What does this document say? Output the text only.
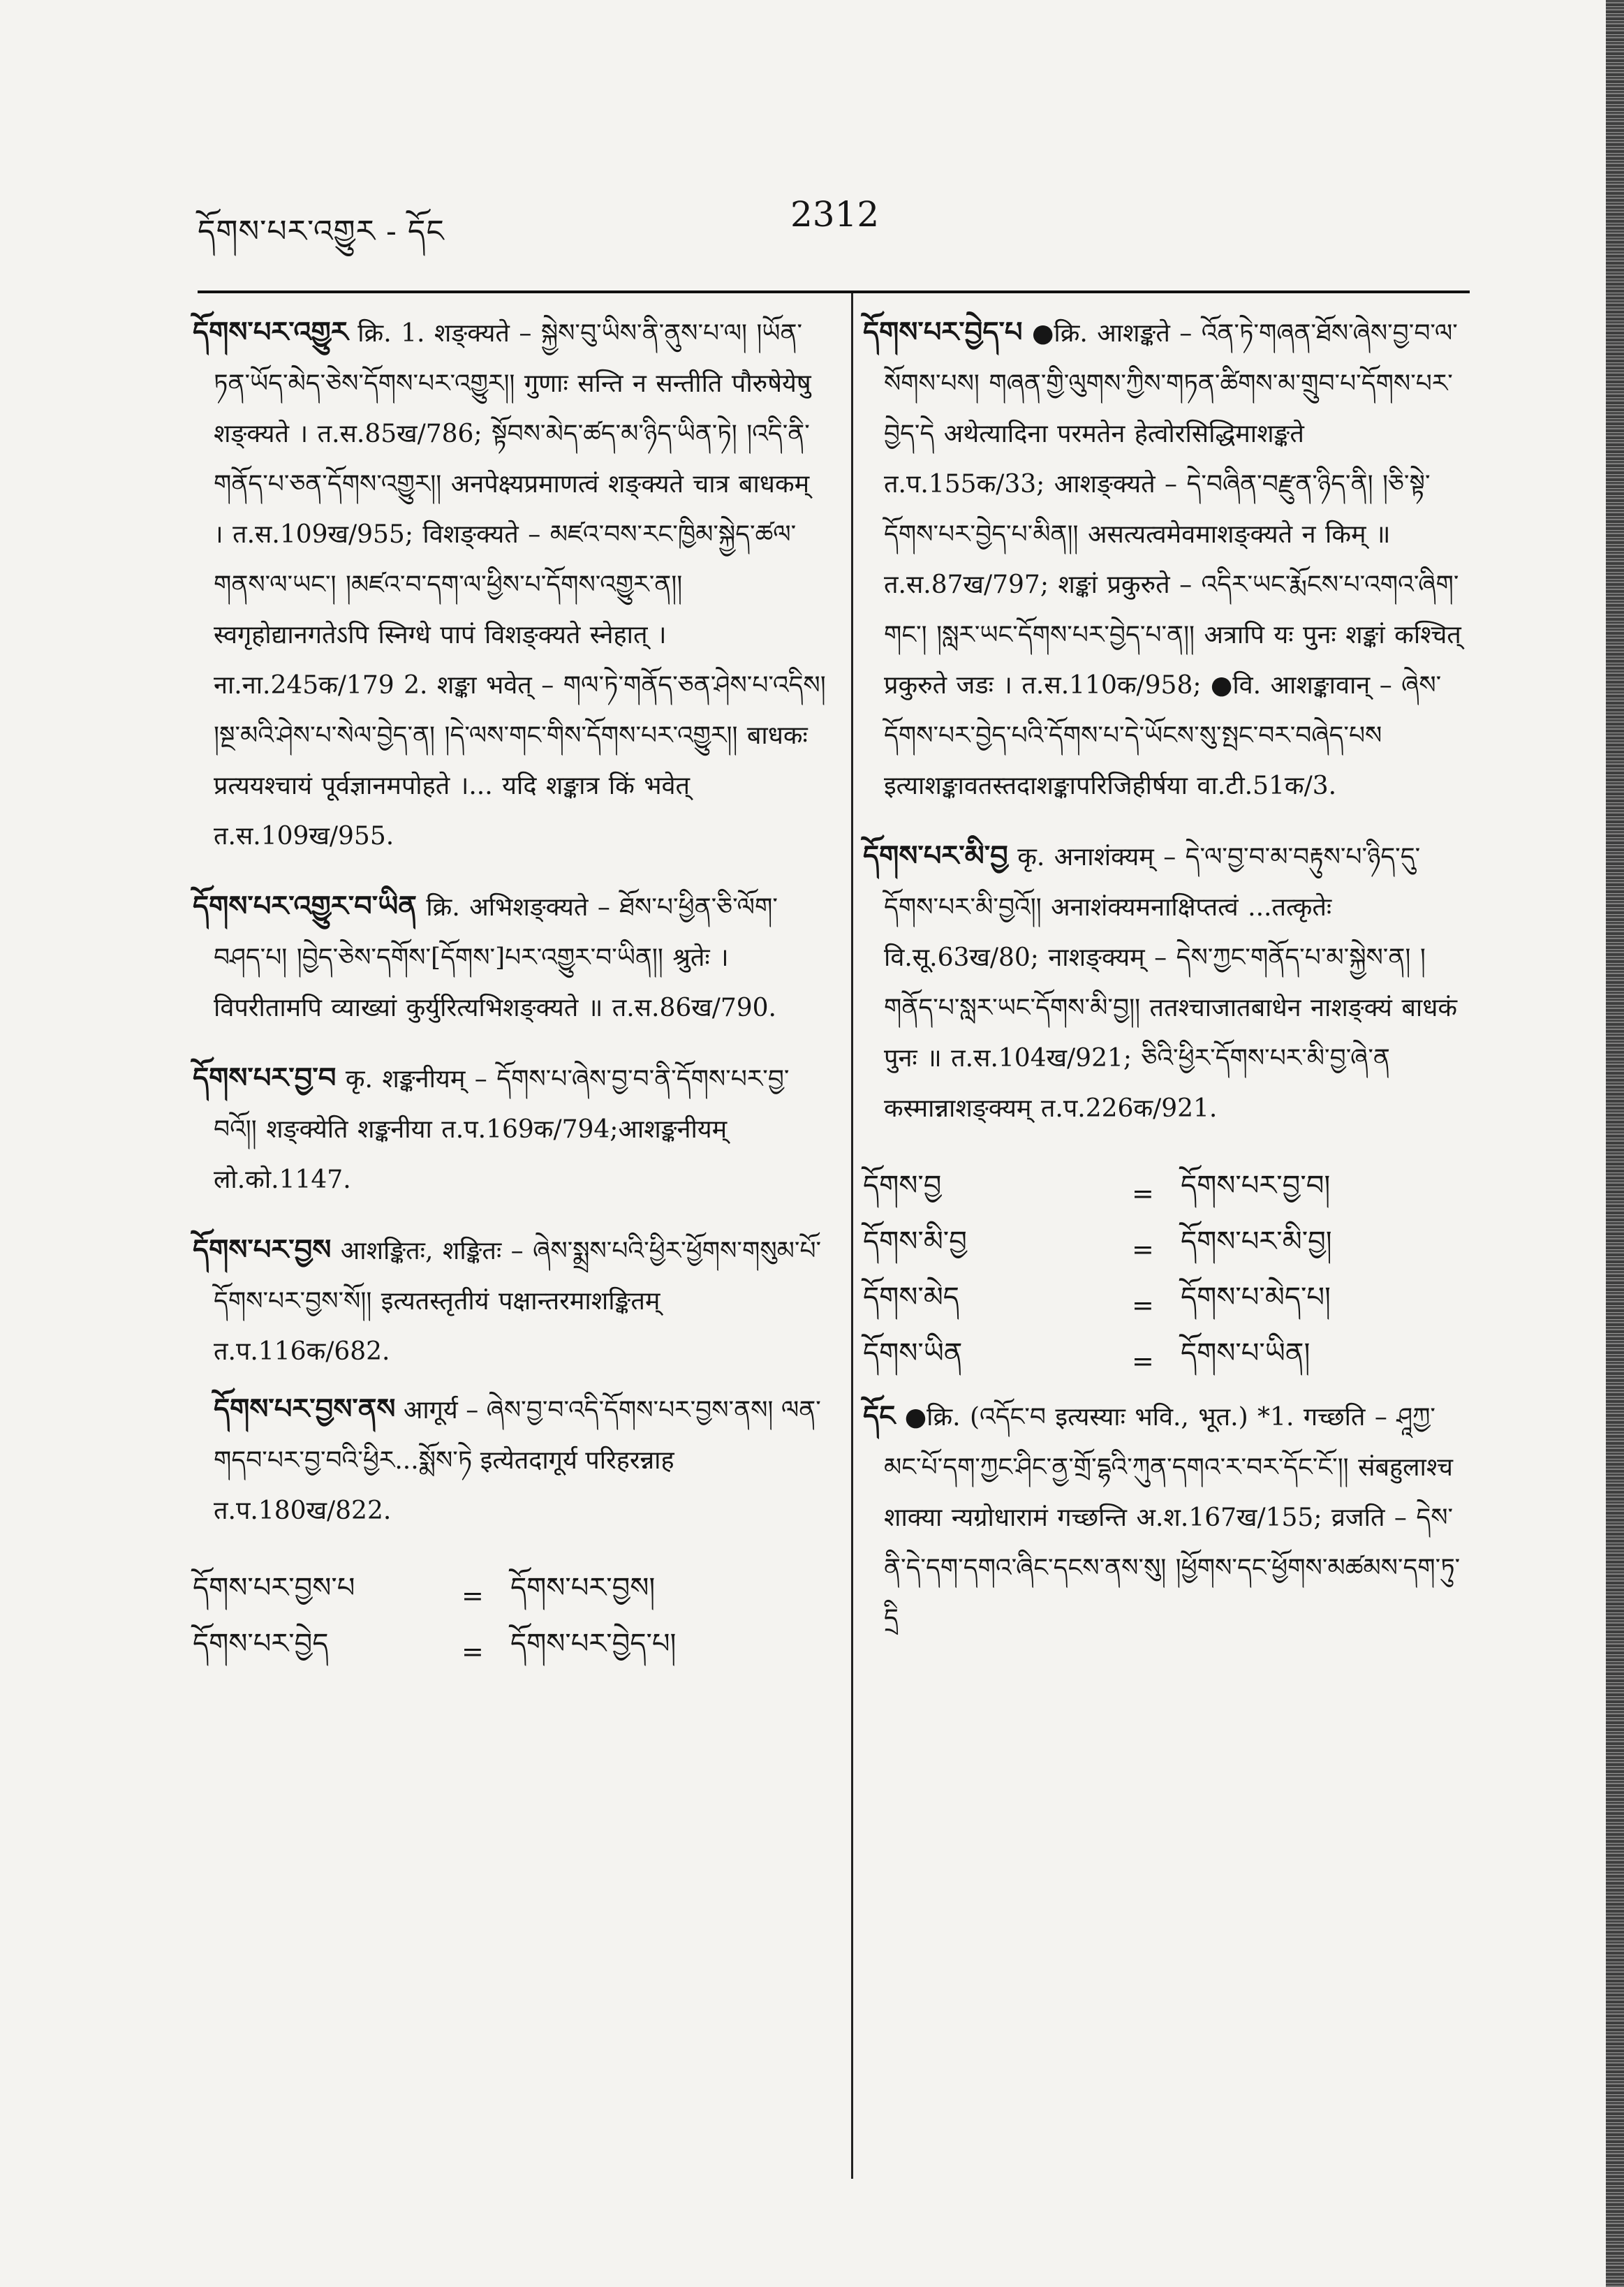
དོགས་པར་འགྱུར - དོང	2312

དོགས་པར་འགྱུར क्रि. 1. शङ्क्यते – སྐྱེས་བུ་ཡིས་ནི་ནུས་པ་ལ། །ཡོན་ཏན་ཡོད་མེད་ཅེས་དོགས་པར་འགྱུར།། गुणाः सन्ति न सन्तीति पौरुषेयेषु शङ्क्यते । त.स.85ख/786; སྟོབས་མེད་ཚད་མ་ཉིད་ཡིན་ཏེ། །འདི་ནི་གནོད་པ་ཅན་དོགས་འགྱུར།། अनपेक्ष्यप्रमाणत्वं शङ्क्यते चात्र बाधकम् । त.स.109ख/955; विशङ्क्यते – མཛའ་བས་རང་ཁྱིམ་སྐྱེད་ཚལ་གནས་ལ་ཡང་། །མཛའ་བ་དག་ལ་ཕྱིས་པ་དོགས་འགྱུར་ན།། स्वगृहोद्यानगतेऽपि स्निग्धे पापं विशङ्क्यते स्नेहात् । ना.ना.245क/179 2. शङ्का भवेत् – གལ་ཏེ་གནོད་ཅན་ཤེས་པ་འདིས། །སྔ་མའི་ཤེས་པ་སེལ་བྱེད་ན། །དེ་ལས་གང་གིས་དོགས་པར་འགྱུར།། बाधकः प्रत्ययश्चायं पूर्वज्ञानमपोहते ।... यदि शङ्कात्र किं भवेत् त.स.109ख/955.

དོགས་པར་འགྱུར་བ་ཡིན क्रि. अभिशङ्क्यते – ཐོས་པ་ཕྱིན་ཅི་ལོག་བཤད་པ། །བྱེད་ཅེས་དགོས་[དོགས་]པར་འགྱུར་བ་ཡིན།། श्रुतेः । विपरीतामपि व्याख्यां कुर्युरित्यभिशङ्क्यते ॥ त.स.86ख/790.

དོགས་པར་བྱ་བ कृ. शङ्कनीयम् – དོགས་པ་ཞེས་བྱ་བ་ནི་དོགས་པར་བྱ་བའོ།། शङ्क्येति शङ्कनीया त.प.169क/794;आशङ्कनीयम् लो.को.1147.

དོགས་པར་བྱས आशङ्कितः, शङ्कितः – ཞེས་སྨྲས་པའི་ཕྱིར་ཕྱོགས་གསུམ་པོ་དོགས་པར་བྱས་སོ།། इत्यतस्तृतीयं पक्षान्तरमाशङ्कितम् त.प.116क/682.

དོགས་པར་བྱས་ནས आगूर्य – ཞེས་བྱ་བ་འདི་དོགས་པར་བྱས་ནས། ལན་གདབ་པར་བྱ་བའི་ཕྱིར...སྨོས་ཏེ इत्येतदागूर्य परिहरन्नाह त.प.180ख/822.
དོགས་པར་བྱས་པ	= དོགས་པར་བྱས།
དོགས་པར་བྱེད	= དོགས་པར་བྱེད་པ།

དོགས་པར་བྱེད་པ ●क्रि. आशङ्कते – འོན་ཏེ་གཞན་ཐོས་ཞེས་བྱ་བ་ལ་སོགས་པས། གཞན་གྱི་ལུགས་ཀྱིས་གཏན་ཚིགས་མ་གྲུབ་པ་དོགས་པར་བྱེད་དེ अथेत्यादिना परमतेन हेत्वोरसिद्धिमाशङ्कते त.प.155क/33; आशङ्क्यते – དེ་བཞིན་བརྫུན་ཉིད་ནི། །ཅི་སྟེ་དོགས་པར་བྱེད་པ་མིན།། असत्यत्वमेवमाशङ्क्यते न किम् ॥ त.स.87ख/797; शङ्कां प्रकुरुते – འདིར་ཡང་རྨོངས་པ་འགའ་ཞིག་གང་། །སླར་ཡང་དོགས་པར་བྱེད་པ་ན།། अत्रापि यः पुनः शङ्कां कश्चित् प्रकुरुते जडः । त.स.110क/958; ●वि. आशङ्कावान् – ཞེས་དོགས་པར་བྱེད་པའི་དོགས་པ་དེ་ཡོངས་སུ་སྤང་བར་བཞེད་པས इत्याशङ्कावतस्तदाशङ्कापरिजिहीर्षया वा.टी.51क/3.

དོགས་པར་མི་བྱ कृ. अनाशंक्यम् – དེ་ལ་བྱ་བ་མ་བརྟུས་པ་ཉིད་དུ་དོགས་པར་མི་བྱའོ།། अनाशंक्यमनाक्षिप्तत्वं ...तत्कृतेः वि.सू.63ख/80; नाशङ्क्यम् – དེས་ཀྱང་གནོད་པ་མ་སྐྱེས་ན། །གནོད་པ་སླར་ཡང་དོགས་མི་བྱ།། ततश्चाजातबाधेन नाशङ्क्यं बाधकं पुनः ॥ त.स.104ख/921; ཅིའི་ཕྱིར་དོགས་པར་མི་བྱ་ཞེ་ན कस्मान्नाशङ्क्यम् त.प.226क/921.

དོགས་བྱ	= དོགས་པར་བྱ་བ།
དོགས་མི་བྱ	= དོགས་པར་མི་བྱ།
དོགས་མེད	= དོགས་པ་མེད་པ།
དོགས་ཡིན	= དོགས་པ་ཡིན།

དོང ●क्रि. (འདོང་བ इत्यस्याः भवि., भूत.) *1. गच्छति – ཤཱཀྱ་མང་པོ་དག་ཀྱང་ཤིང་ནྱ་གྲོ་དྷའི་ཀུན་དགའ་ར་བར་དོང་ངོ་།། संबहुलाश्च शाक्या न्यग्रोधारामं गच्छन्ति अ.श.167ख/155; व्रजति – དེས་ནི་དེ་དག་དགའ་ཞིང་དངས་ནས་སུ། །ཕྱོགས་དང་ཕྱོགས་མཚམས་དག་ཏུ་དྲི
